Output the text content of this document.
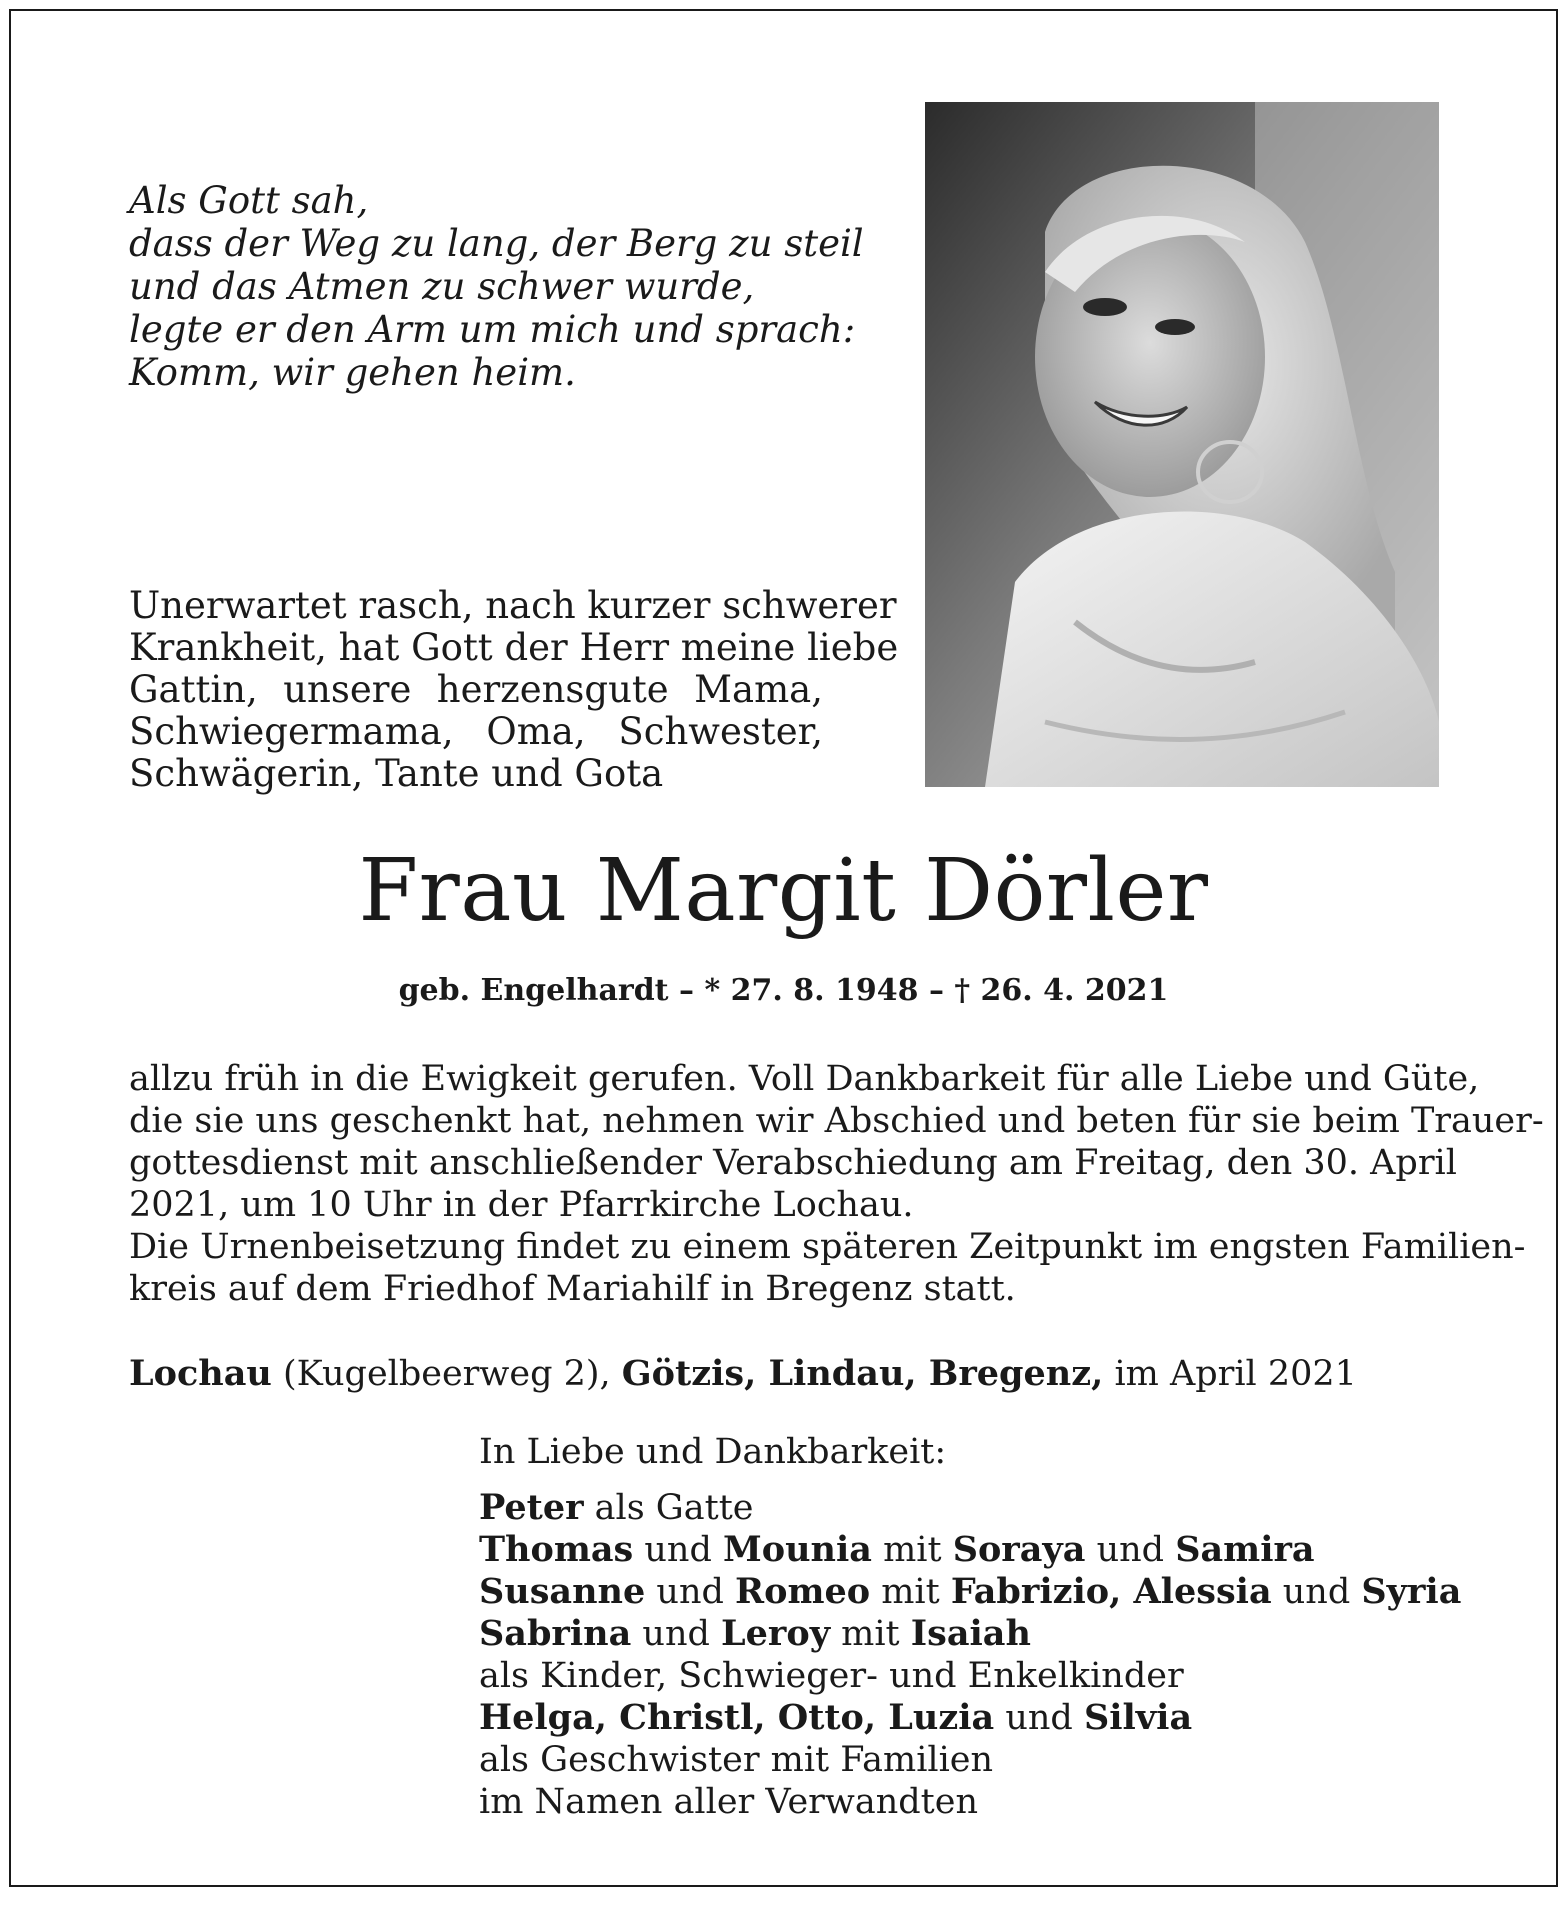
Als Gott sah,
dass der Weg zu lang, der Berg zu steil
und das Atmen zu schwer wurde,
legte er den Arm um mich und sprach:
Komm, wir gehen heim.
Unerwartet rasch, nach kurzer schwerer
Krankheit, hat Gott der Herr meine liebe
Gattin, unsere herzensgute Mama,
Schwiegermama, Oma, Schwester,
Schwägerin, Tante und Gota
Frau Margit Dörler
geb. Engelhardt – * 27. 8. 1948 – † 26. 4. 2021
allzu früh in die Ewigkeit gerufen. Voll Dankbarkeit für alle Liebe und Güte,
die sie uns geschenkt hat, nehmen wir Abschied und beten für sie beim Trauer-
gottesdienst mit anschließender Verabschiedung am Freitag, den 30. April
2021, um 10 Uhr in der Pfarrkirche Lochau.
Die Urnenbeisetzung findet zu einem späteren Zeitpunkt im engsten Familien-
kreis auf dem Friedhof Mariahilf in Bregenz statt.
Lochau (Kugelbeerweg 2), Götzis, Lindau, Bregenz, im April 2021
In Liebe und Dankbarkeit:
Peter als Gatte
Thomas und Mounia mit Soraya und Samira
Susanne und Romeo mit Fabrizio, Alessia und Syria
Sabrina und Leroy mit Isaiah
als Kinder, Schwieger- und Enkelkinder
Helga, Christl, Otto, Luzia und Silvia
als Geschwister mit Familien
im Namen aller Verwandten
